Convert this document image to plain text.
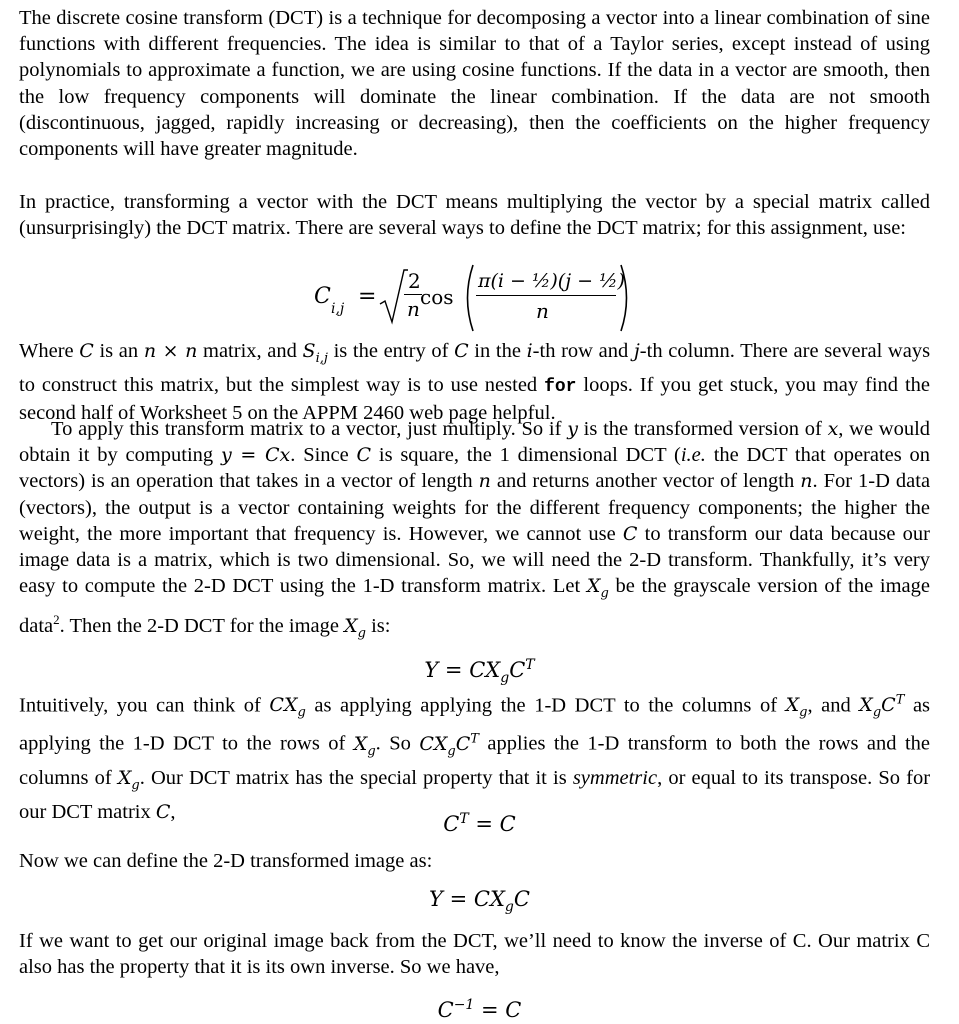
The discrete cosine transform (DCT) is a technique for decomposing a vector into a linear combination of sine functions with different frequencies. The idea is similar to that of a Taylor series, except instead of using polynomials to approximate a function, we are using cosine functions. If the data in a vector are smooth, then the low frequency components will dominate the linear combination. If the data are not smooth (discontinuous, jagged, rapidly increasing or decreasing), then the coefficients on the higher frequency components will have greater magnitude.

In practice, transforming a vector with the DCT means multiplying the vector by a special matrix called (unsurprisingly) the DCT matrix. There are several ways to define the DCT matrix; for this assignment, use:

C i,j =
2
n cos
π(i − ½)(j − ½)
n

Where C is an n × n matrix, and $S_{i,j}$ is the entry of C in the i-th row and j-th column. There are several ways to construct this matrix, but the simplest way is to use nested for loops. If you get stuck, you may find the second half of Worksheet 5 on the APPM 2460 web page helpful.

To apply this transform matrix to a vector, just multiply. So if y is the transformed version of x, we would obtain it by computing y = Cx. Since C is square, the 1 dimensional DCT (i.e. the DCT that operates on vectors) is an operation that takes in a vector of length n and returns another vector of length n. For 1-D data (vectors), the output is a vector containing weights for the different frequency components; the higher the weight, the more important that frequency is. However, we cannot use C to transform our data because our image data is a matrix, which is two dimensional. So, we will need the 2-D transform. Thankfully, it’s very easy to compute the 2-D DCT using the 1-D transform matrix. Let $X_g$ be the grayscale version of the image data$^2$. Then the 2-D DCT for the image $X_g$ is:

$Y = CX_gC^T$

Intuitively, you can think of $CX_g$ as applying applying the 1-D DCT to the columns of $X_g$, and $X_gC^T$ as applying the 1-D DCT to the rows of $X_g$. So $CX_gC^T$ applies the 1-D transform to both the rows and the columns of $X_g$. Our DCT matrix has the special property that it is symmetric, or equal to its transpose. So for our DCT matrix C,

$C^T = C$

Now we can define the 2-D transformed image as:

$Y = CX_gC$

If we want to get our original image back from the DCT, we’ll need to know the inverse of C. Our matrix C also has the property that it is its own inverse. So we have,

$C^{-1} = C$
